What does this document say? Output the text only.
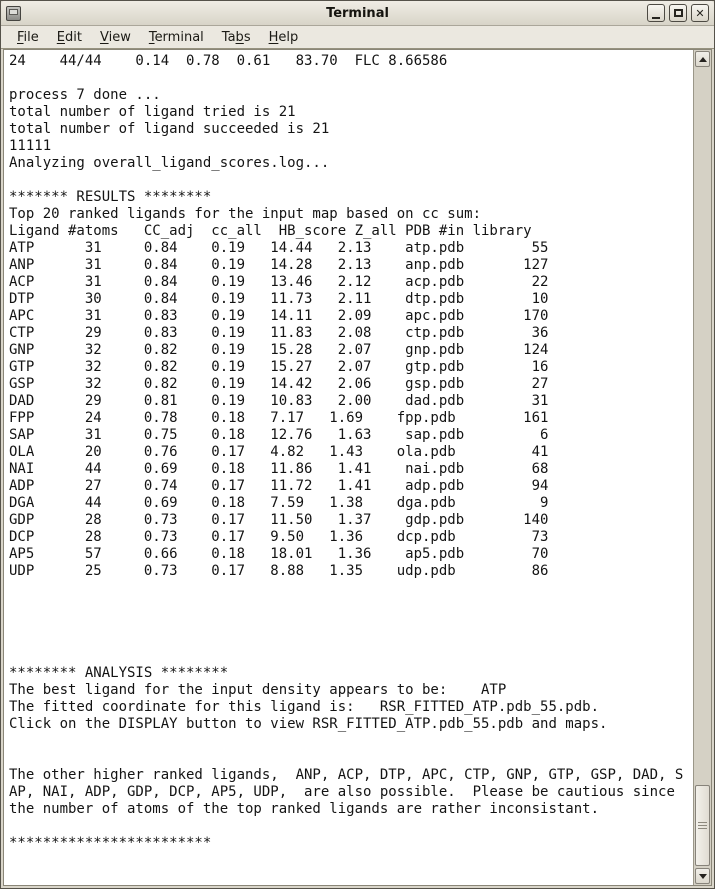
Terminal	✕
File	Edit	View	Terminal	Tabs	Help
24    44/44    0.14  0.78  0.61   83.70  FLC 8.66586

process 7 done ...
total number of ligand tried is 21
total number of ligand succeeded is 21
11111
Analyzing overall_ligand_scores.log...

******* RESULTS ********
Top 20 ranked ligands for the input map based on cc sum:
Ligand #atoms   CC_adj  cc_all  HB_score Z_all PDB #in library
ATP      31     0.84    0.19   14.44   2.13    atp.pdb        55
ANP      31     0.84    0.19   14.28   2.13    anp.pdb       127
ACP      31     0.84    0.19   13.46   2.12    acp.pdb        22
DTP      30     0.84    0.19   11.73   2.11    dtp.pdb        10
APC      31     0.83    0.19   14.11   2.09    apc.pdb       170
CTP      29     0.83    0.19   11.83   2.08    ctp.pdb        36
GNP      32     0.82    0.19   15.28   2.07    gnp.pdb       124
GTP      32     0.82    0.19   15.27   2.07    gtp.pdb        16
GSP      32     0.82    0.19   14.42   2.06    gsp.pdb        27
DAD      29     0.81    0.19   10.83   2.00    dad.pdb        31
FPP      24     0.78    0.18   7.17   1.69    fpp.pdb        161
SAP      31     0.75    0.18   12.76   1.63    sap.pdb         6
OLA      20     0.76    0.17   4.82   1.43    ola.pdb         41
NAI      44     0.69    0.18   11.86   1.41    nai.pdb        68
ADP      27     0.74    0.17   11.72   1.41    adp.pdb        94
DGA      44     0.69    0.18   7.59   1.38    dga.pdb          9
GDP      28     0.73    0.17   11.50   1.37    gdp.pdb       140
DCP      28     0.73    0.17   9.50   1.36    dcp.pdb         73
AP5      57     0.66    0.18   18.01   1.36    ap5.pdb        70
UDP      25     0.73    0.17   8.88   1.35    udp.pdb         86

******** ANALYSIS ********
The best ligand for the input density appears to be:    ATP
The fitted coordinate for this ligand is:   RSR_FITTED_ATP.pdb_55.pdb.
Click on the DISPLAY button to view RSR_FITTED_ATP.pdb_55.pdb and maps.

The other higher ranked ligands,  ANP, ACP, DTP, APC, CTP, GNP, GTP, GSP, DAD, S
AP, NAI, ADP, GDP, DCP, AP5, UDP,  are also possible.  Please be cautious since
the number of atoms of the top ranked ligands are rather inconsistant.

************************
